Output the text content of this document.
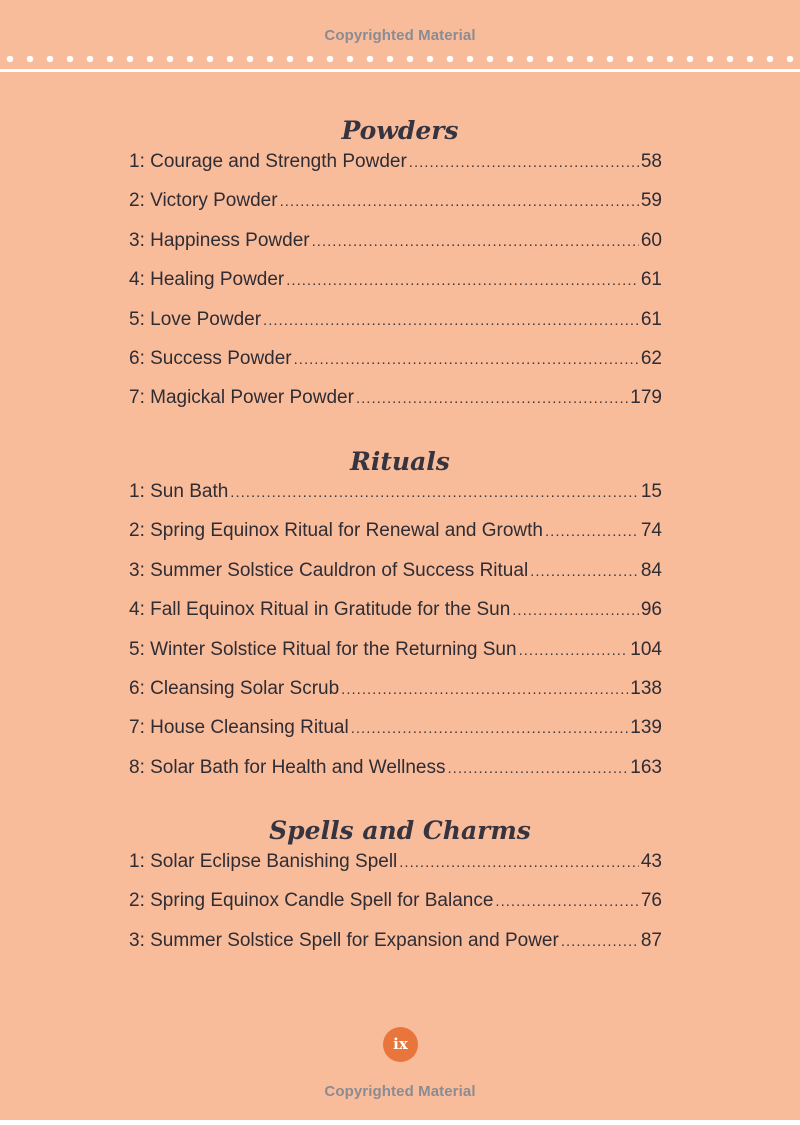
Copyrighted Material
Powders
1: Courage and Strength Powder .....	58
2: Victory Powder .....	59
3: Happiness Powder .....	60
4: Healing Powder .....	61
5: Love Powder .....	61
6: Success Powder .....	62
7: Magickal Power Powder .....	179
Rituals
1: Sun Bath .....	15
2: Spring Equinox Ritual for Renewal and Growth .....	74
3: Summer Solstice Cauldron of Success Ritual .....	84
4: Fall Equinox Ritual in Gratitude for the Sun .....	96
5: Winter Solstice Ritual for the Returning Sun .....	104
6: Cleansing Solar Scrub .....	138
7: House Cleansing Ritual .....	139
8: Solar Bath for Health and Wellness .....	163
Spells and Charms
1: Solar Eclipse Banishing Spell .....	43
2: Spring Equinox Candle Spell for Balance .....	76
3: Summer Solstice Spell for Expansion and Power .....	87
ix
Copyrighted Material
